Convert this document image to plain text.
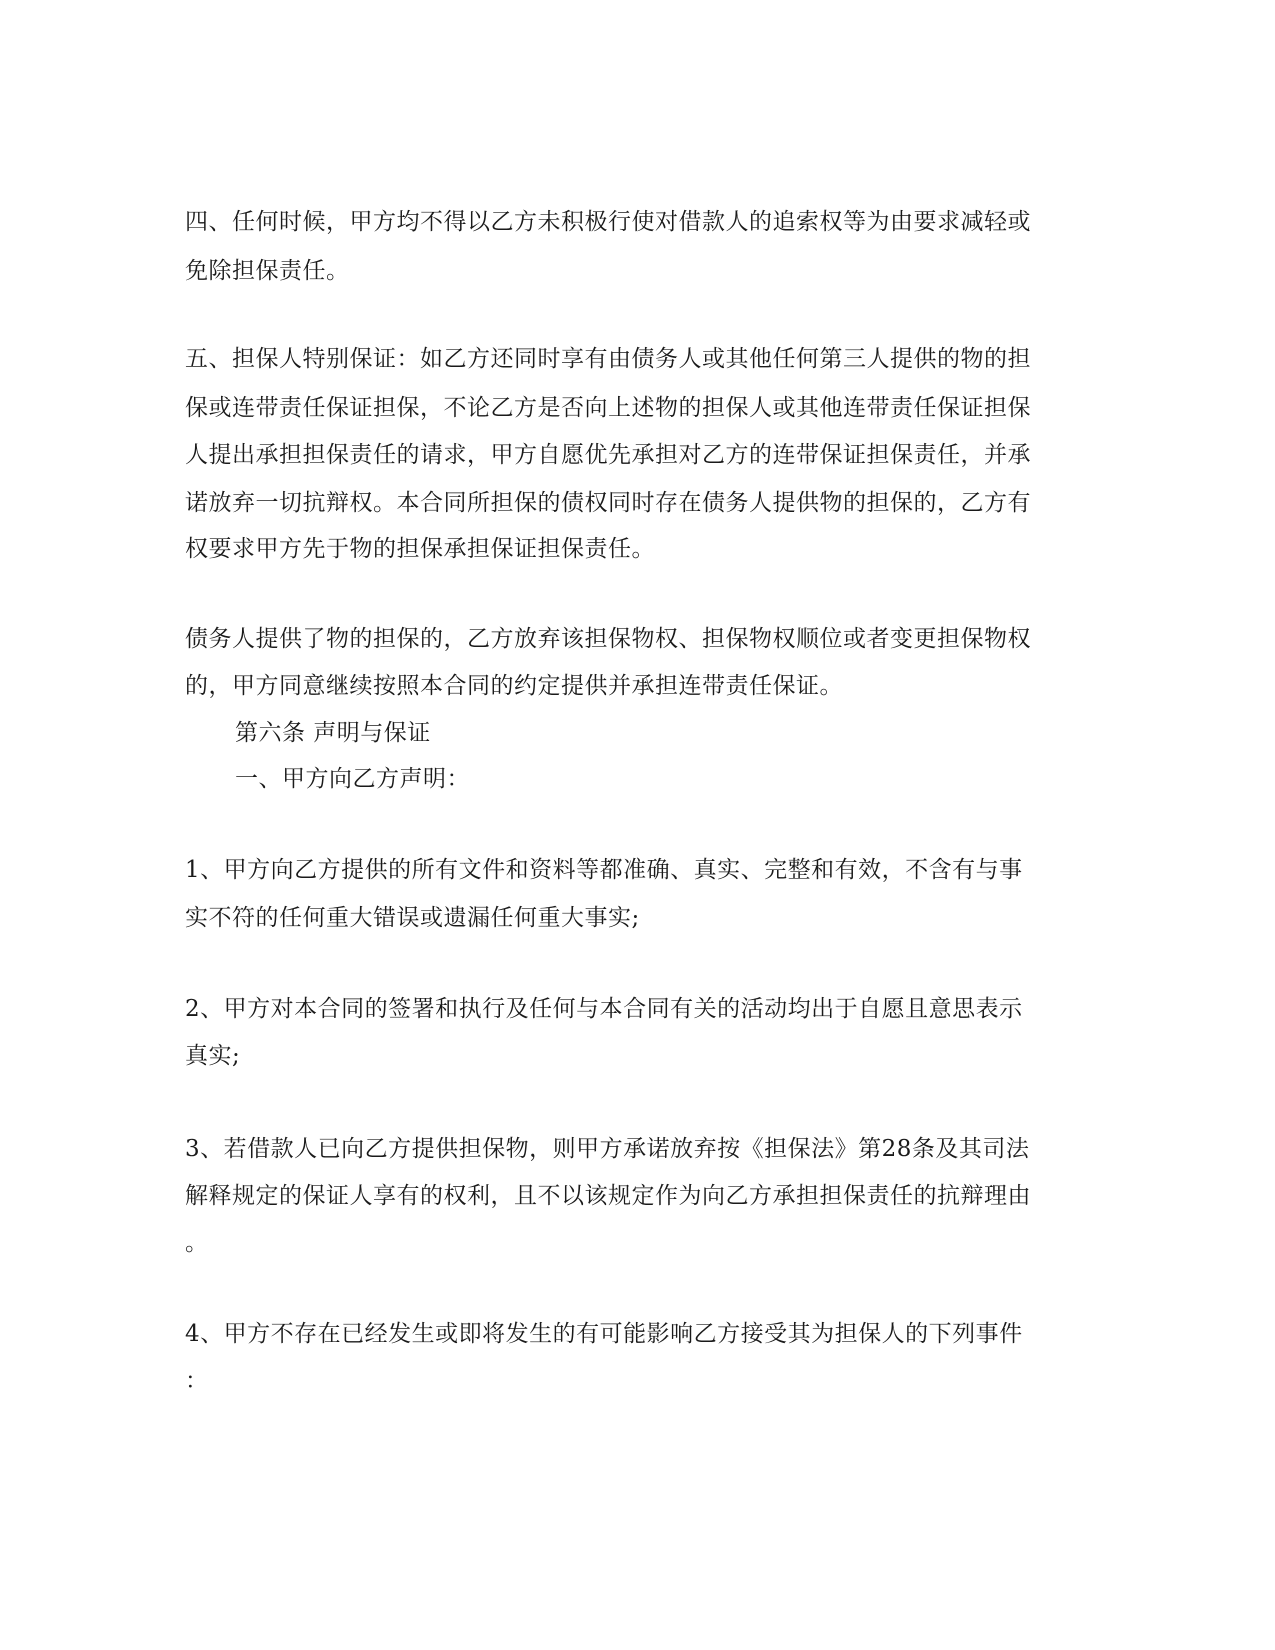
四、任何时候，甲方均不得以乙方未积极行使对借款人的追索权等为由要求减轻或
免除担保责任。
五、担保人特别保证：如乙方还同时享有由债务人或其他任何第三人提供的物的担
保或连带责任保证担保，不论乙方是否向上述物的担保人或其他连带责任保证担保
人提出承担担保责任的请求，甲方自愿优先承担对乙方的连带保证担保责任，并承
诺放弃一切抗辩权。本合同所担保的债权同时存在债务人提供物的担保的，乙方有
权要求甲方先于物的担保承担保证担保责任。
债务人提供了物的担保的，乙方放弃该担保物权、担保物权顺位或者变更担保物权
的，甲方同意继续按照本合同的约定提供并承担连带责任保证。
第六条 声明与保证
一、甲方向乙方声明：
1、甲方向乙方提供的所有文件和资料等都准确、真实、完整和有效，不含有与事
实不符的任何重大错误或遗漏任何重大事实;
2、甲方对本合同的签署和执行及任何与本合同有关的活动均出于自愿且意思表示
真实;
3、若借款人已向乙方提供担保物，则甲方承诺放弃按《担保法》第28条及其司法
解释规定的保证人享有的权利，且不以该规定作为向乙方承担担保责任的抗辩理由
。
4、甲方不存在已经发生或即将发生的有可能影响乙方接受其为担保人的下列事件
：
